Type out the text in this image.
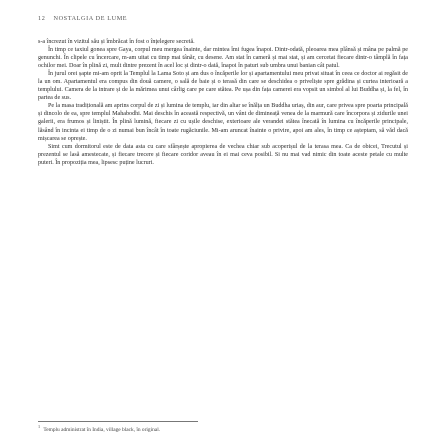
12 NOSTALGIA DE LUME

s-a încrezut în vizitul său și îmbrăcat în fost o înțelegere secretă.

În timp ce taxiul gonea spre Gaya, corpul meu mergea înainte, dar mintea îmi fugea înapoi. Dintr-odată, pleoarea mea plânsă și mâna pe palmă pe genunchi. În clipele cu încercare, m-am uitat cu timp mai tânăr, cu desene. Am stat în cameră și mai stat, și am cercetat fiecare dintr-o tâmplă în fața ochilor mei. Doar în plină zi, mult dintre prezent în acel loc și dintr-o dată, înapoi în paturi sub umbra unui banian cât patul.

În jurul orei șapte mi-am oprit la Templul la Lama Soto și am dus o încăperile lor și apartamentului meu privat situat în ceea ce doctor ai regăsit de la un om. Apartamentul era compus din două camere, o sală de baie și o terasă din care se deschidea o priveliște spre grădina și curtea interioară a templului. Camera de la intrare și de la mărimea unui cârlig care pe care stătea. Pe ușa din fața camerei era vopsit un simbol al lui Buddha și, la fel, în partea de sus.

Pe la masa tradițională am aprins corpul de zi și lumina de templu, iar din altar se înălța un Buddha uriaș, din aur, care privea spre poarta principală și dincolo de ea, spre templul Mahabodhi. Mai deschis în această respectivă, un vânt de dimineață venea de la marmură care încorpora și zidurile unei galerii, era frumos și liniștit. În plină lumină, fiecare zi cu ușile deschise, exterioare ale verandei stătea înecată în lumina cu încăperile principale, lăsând în incinta ei timp de o zi numai bun încât în toate rugăciunile. Mi-am aruncat înainte o privire, apoi am ales, în timp ce așteptam, să văd dacă mișcarea se oprește.

Simt cum dormitorul este de data asta cu care sfârșește apropierea de vechea chiar sub acoperișul de la terasa mea. Ca de obicei, Trecutul și prezentul se lasă amestecate, și fiecare trecere și fiecare coridor aveau în ei mai ceva posibil. Si nu mai vad nimic din toate aceste petale cu multe puteri. În propoziția mea, lipsesc puține lucruri.

$^1$ Templu administrat în India, village black, în original.
